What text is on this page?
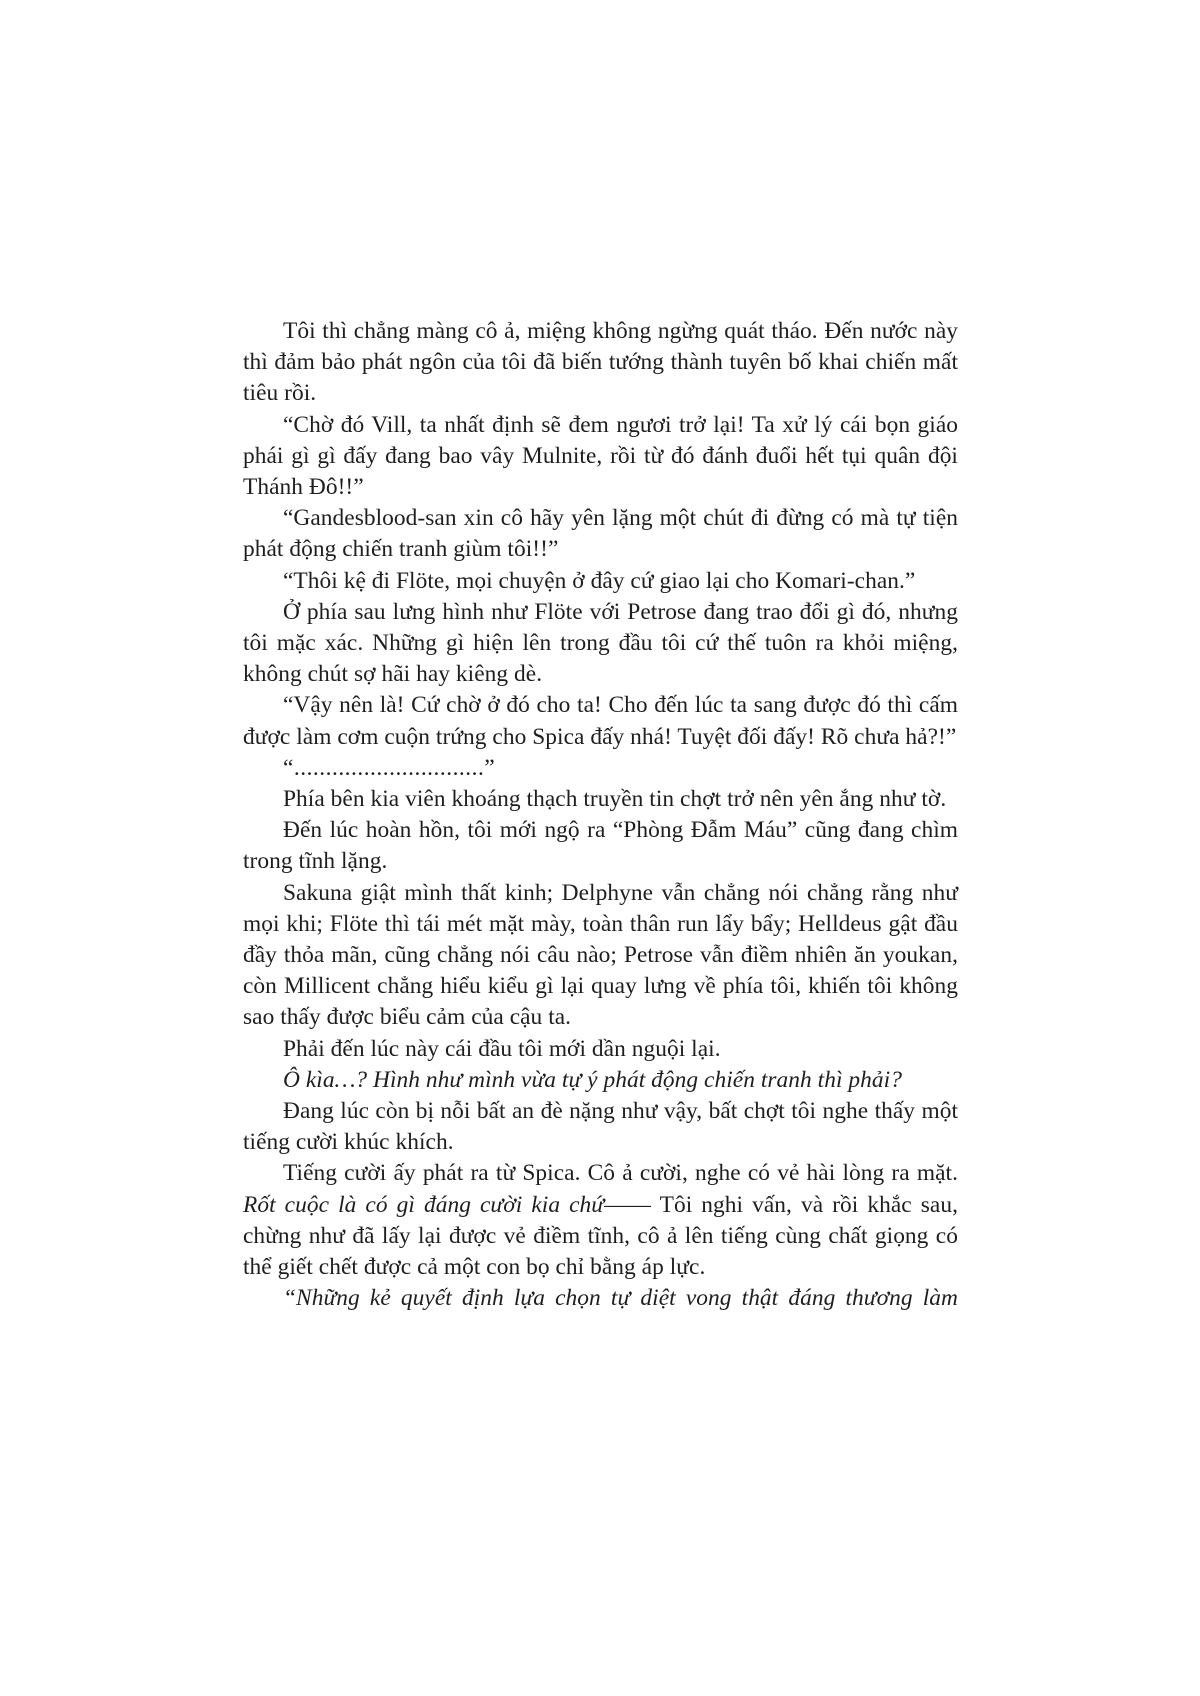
Tôi thì chẳng màng cô ả, miệng không ngừng quát tháo. Đến nước này thì đảm bảo phát ngôn của tôi đã biến tướng thành tuyên bố khai chiến mất tiêu rồi.

“Chờ đó Vill, ta nhất định sẽ đem ngươi trở lại! Ta xử lý cái bọn giáo phái gì gì đấy đang bao vây Mulnite, rồi từ đó đánh đuổi hết tụi quân đội Thánh Đô!!”

“Gandesblood-san xin cô hãy yên lặng một chút đi đừng có mà tự tiện phát động chiến tranh giùm tôi!!”

“Thôi kệ đi Flöte, mọi chuyện ở đây cứ giao lại cho Komari-chan.”

Ở phía sau lưng hình như Flöte với Petrose đang trao đổi gì đó, nhưng tôi mặc xác. Những gì hiện lên trong đầu tôi cứ thế tuôn ra khỏi miệng, không chút sợ hãi hay kiêng dè.

“Vậy nên là! Cứ chờ ở đó cho ta! Cho đến lúc ta sang được đó thì cấm được làm cơm cuộn trứng cho Spica đấy nhá! Tuyệt đối đấy! Rõ chưa hả?!”

“..............................”

Phía bên kia viên khoáng thạch truyền tin chợt trở nên yên ắng như tờ.

Đến lúc hoàn hồn, tôi mới ngộ ra “Phòng Đẫm Máu” cũng đang chìm trong tĩnh lặng.

Sakuna giật mình thất kinh; Delphyne vẫn chẳng nói chẳng rằng như mọi khi; Flöte thì tái mét mặt mày, toàn thân run lẩy bẩy; Helldeus gật đầu đầy thỏa mãn, cũng chẳng nói câu nào; Petrose vẫn điềm nhiên ăn youkan, còn Millicent chẳng hiểu kiểu gì lại quay lưng về phía tôi, khiến tôi không sao thấy được biểu cảm của cậu ta.

Phải đến lúc này cái đầu tôi mới dần nguội lại.

Ô kìa…? Hình như mình vừa tự ý phát động chiến tranh thì phải?

Đang lúc còn bị nỗi bất an đè nặng như vậy, bất chợt tôi nghe thấy một tiếng cười khúc khích.

Tiếng cười ấy phát ra từ Spica. Cô ả cười, nghe có vẻ hài lòng ra mặt. Rốt cuộc là có gì đáng cười kia chứ—— Tôi nghi vấn, và rồi khắc sau, chừng như đã lấy lại được vẻ điềm tĩnh, cô ả lên tiếng cùng chất giọng có thể giết chết được cả một con bọ chỉ bằng áp lực.

“Những kẻ quyết định lựa chọn tự diệt vong thật đáng thương làm
